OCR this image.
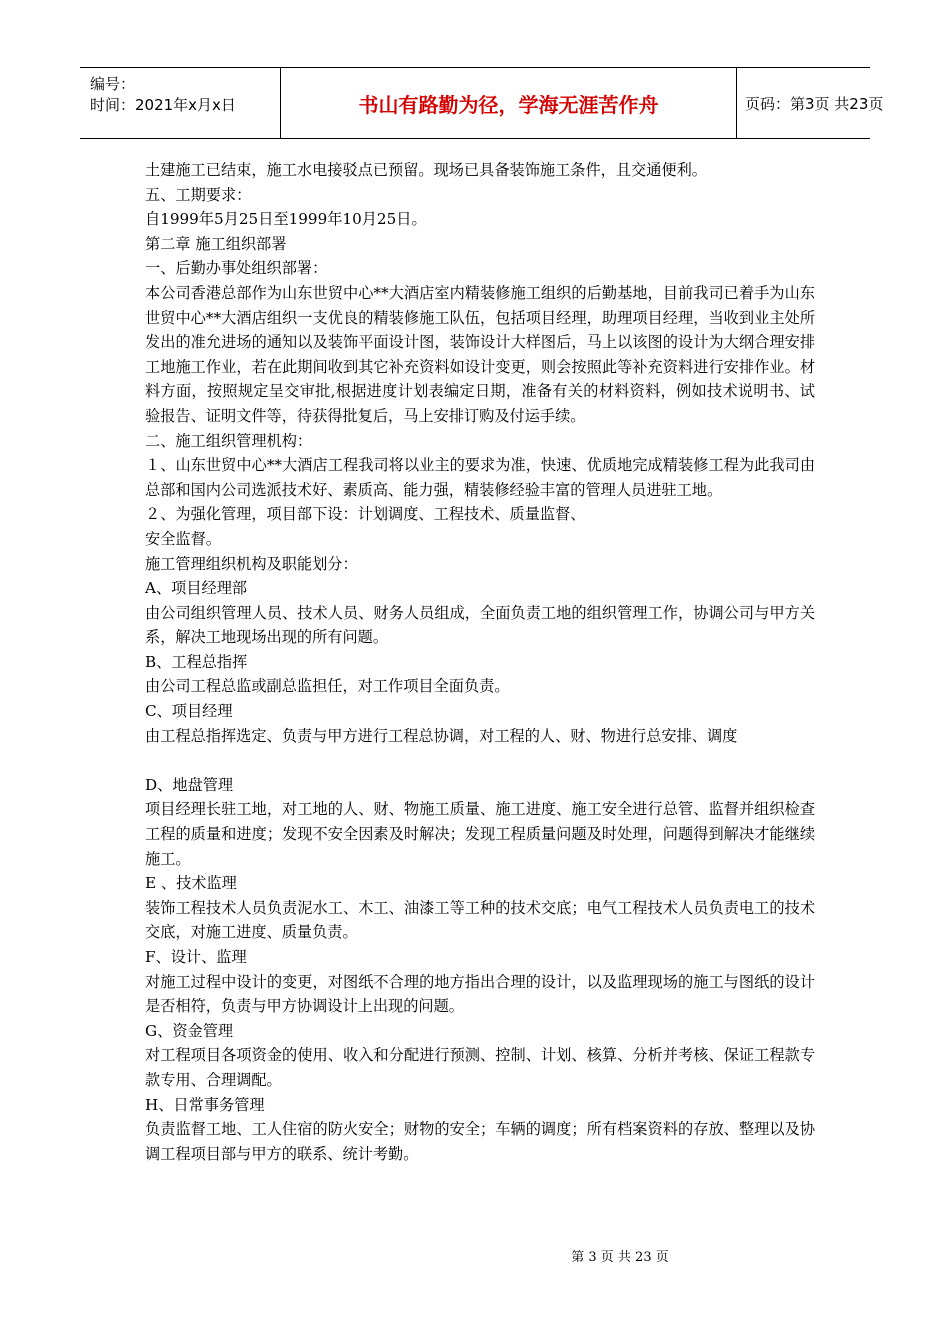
编号：
时间：2021年x月x日	书山有路勤为径，学海无涯苦作舟	页码：第3页 共23页

土建施工已结束，施工水电接驳点已预留。现场已具备装饰施工条件，且交通便利。

五、工期要求：

自1999年5月25日至1999年10月25日。

第二章 施工组织部署

一、后勤办事处组织部署：

本公司香港总部作为山东世贸中心**大酒店室内精装修施工组织的后勤基地，目前我司已着手为山东世贸中心**大酒店组织一支优良的精装修施工队伍，包括项目经理，助理项目经理，当收到业主处所发出的准允进场的通知以及装饰平面设计图，装饰设计大样图后，马上以该图的设计为大纲合理安排工地施工作业，若在此期间收到其它补充资料如设计变更，则会按照此等补充资料进行安排作业。材料方面，按照规定呈交审批,根据进度计划表编定日期，准备有关的材料资料，例如技术说明书、试验报告、证明文件等，待获得批复后，马上安排订购及付运手续。

二、施工组织管理机构：

１、山东世贸中心**大酒店工程我司将以业主的要求为准，快速、优质地完成精装修工程为此我司由总部和国内公司选派技术好、素质高、能力强，精装修经验丰富的管理人员进驻工地。

２、为强化管理，项目部下设：计划调度、工程技术、质量监督、

安全监督。

施工管理组织机构及职能划分：

A、项目经理部

由公司组织管理人员、技术人员、财务人员组成，全面负责工地的组织管理工作，协调公司与甲方关系，解决工地现场出现的所有问题。

B、工程总指挥

由公司工程总监或副总监担任，对工作项目全面负责。

C、项目经理

由工程总指挥选定、负责与甲方进行工程总协调，对工程的人、财、物进行总安排、调度

D、地盘管理

项目经理长驻工地，对工地的人、财、物施工质量、施工进度、施工安全进行总管、监督并组织检查工程的质量和进度；发现不安全因素及时解决；发现工程质量问题及时处理，问题得到解决才能继续施工。

E 、技术监理

装饰工程技术人员负责泥水工、木工、油漆工等工种的技术交底；电气工程技术人员负责电工的技术交底，对施工进度、质量负责。

F、设计、监理

对施工过程中设计的变更，对图纸不合理的地方指出合理的设计，以及监理现场的施工与图纸的设计是否相符，负责与甲方协调设计上出现的问题。

G、资金管理

对工程项目各项资金的使用、收入和分配进行预测、控制、计划、核算、分析并考核、保证工程款专款专用、合理调配。

H、日常事务管理

负责监督工地、工人住宿的防火安全；财物的安全；车辆的调度；所有档案资料的存放、整理以及协调工程项目部与甲方的联系、统计考勤。

第 3 页 共 23 页
